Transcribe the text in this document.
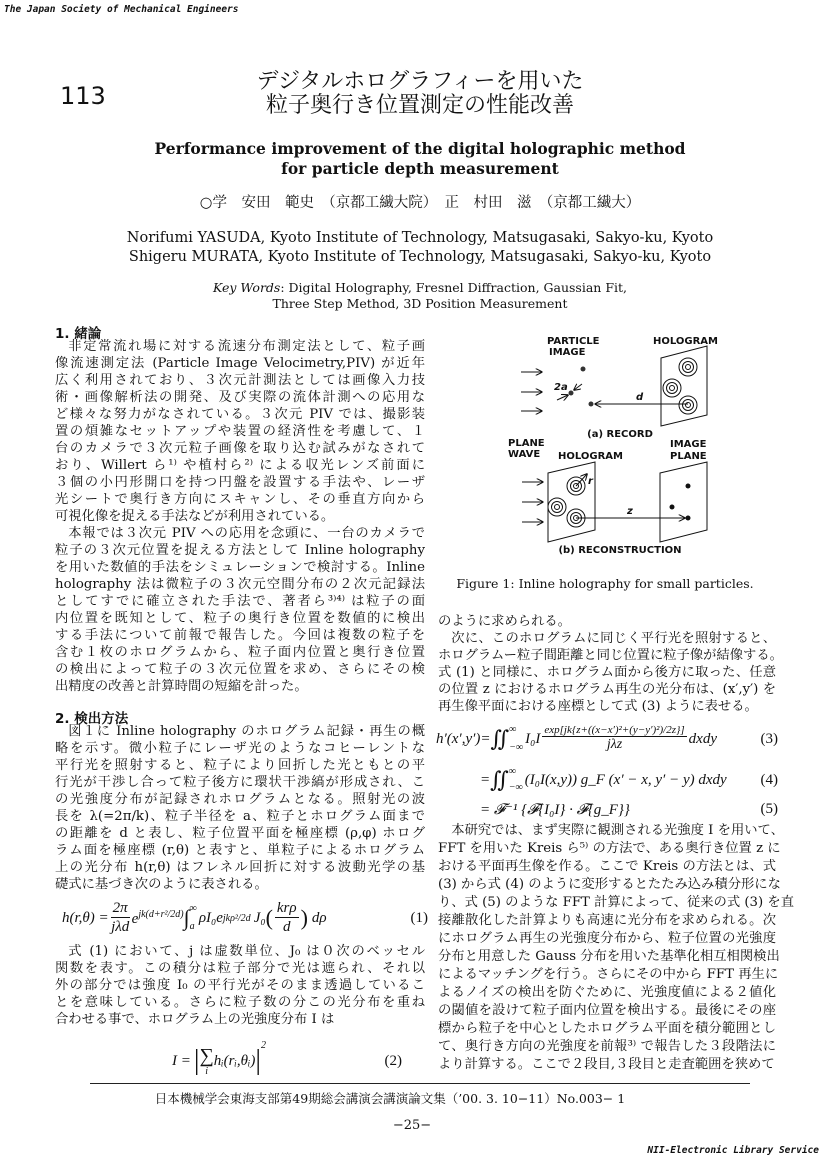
The Japan Society of Mechanical Engineers
113
デジタルホログラフィーを用いた
粒子奥行き位置測定の性能改善
Performance improvement of the digital holographic method
for particle depth measurement
○学　安田　範史　（京都工繊大院）　正　村田　滋　（京都工繊大）
Norifumi YASUDA, Kyoto Institute of Technology, Matsugasaki, Sakyo-ku, Kyoto
Shigeru MURATA, Kyoto Institute of Technology, Matsugasaki, Sakyo-ku, Kyoto
Key Words: Digital Holography, Fresnel Diffraction, Gaussian Fit,
Three Step Method, 3D Position Measurement
1. 緒論
非定常流れ場に対する流速分布測定法として、粒子画
像流速測定法 (Particle Image Velocimetry,PIV) が近年
広く利用されており、３次元計測法としては画像入力技
術・画像解析法の開発、及び実際の流体計測への応用な
ど様々な努力がなされている。３次元 PIV では、撮影装
置の煩雑なセットアップや装置の経済性を考慮して、１
台のカメラで３次元粒子画像を取り込む試みがなされて
おり、Willert ら¹⁾ や植村ら²⁾ による収光レンズ前面に
３個の小円形開口を持つ円盤を設置する手法や、レーザ
光シートで奥行き方向にスキャンし、その垂直方向から
可視化像を捉える手法などが利用されている。
本報では３次元 PIV への応用を念頭に、一台のカメラで
粒子の３次元位置を捉える方法として Inline holography
を用いた数値的手法をシミュレーションで検討する。Inline
holography 法は微粒子の３次元空間分布の２次元記録法
としてすでに確立された手法で、著者ら³⁾⁴⁾ は粒子の面
内位置を既知として、粒子の奥行き位置を数値的に検出
する手法について前報で報告した。今回は複数の粒子を
含む１枚のホログラムから、粒子面内位置と奥行き位置
の検出によって粒子の３次元位置を求め、さらにその検
出精度の改善と計算時間の短縮を計った。
2. 検出方法
図１に Inline holography のホログラム記録・再生の概
略を示す。微小粒子にレーザ光のようなコヒーレントな
平行光を照射すると、粒子により回折した光ともとの平
行光が干渉し合って粒子後方に環状干渉縞が形成され、こ
の光強度分布が記録されホログラムとなる。照射光の波
長を λ(=2π/k)、粒子半径を a、粒子とホログラム面まで
の距離を d と表し、粒子位置平面を極座標 (ρ,φ) ホログ
ラム面を極座標 (r,θ) と表すと、単粒子によるホログラム
上の光分布 h(r,θ) はフレネル回折に対する波動光学の基
礎式に基づき次のように表される。
$h(r,\theta) = \frac{2\pi}{\text{jλd}} e^{jk(d+r^2/2d)}$ ∫ ∞
a
ρI₀e jkρ²/2d J₀ ( $\frac{\text{krρ}}{d}$ ) dρ	(1)
式 (1) において、j は虚数単位、J₀ は０次のベッセル
関数を表す。この積分は粒子部分で光は遮られ、それ以
外の部分では強度 I₀ の平行光がそのまま透過しているこ
とを意味している。さらに粒子数の分この光分布を重ね
合わせる事で、ホログラム上の光強度分布 I は
I = | ∑
i
hᵢ(rᵢ,θᵢ) $|^2$
(2)
PARTICLE
IMAGE
HOLOGRAM
2a
d
(a) RECORD
PLANE
WAVE HOLOGRAM
IMAGE
PLANE
r
z
(b) RECONSTRUCTION
Figure 1: Inline holography for small particles.
のように求められる。
次に、このホログラムに同じく平行光を照射すると、
ホログラムー粒子間距離と同じ位置に粒子像が結像する。
式 (1) と同様に、ホログラム面から後方に取った、任意
の位置 z におけるホログラム再生の光分布は、(x′,y′) を
再生像平面における座標として式 (3) ように表せる。
h′(x′,y′)= ∬ ∞
−∞
$I_0I \frac{\text{exp[jk\{z+((x−x′)²+(y−y′)²)/2z\}]}}{\text{jλz}}$ dxdy	(3)
= ∬ ∞
−∞ (I₀I(x,y)) g_F (x′ − x, y′ − y) dxdy	(4)
= 𝓕⁻¹ {𝓕{I₀I} · 𝓕{g_F}}	(5)
本研究では、まず実際に観測される光強度 I を用いて、
FFT を用いた Kreis ら⁵⁾ の方法で、ある奥行き位置 z に
おける平面再生像を作る。ここで Kreis の方法とは、式
(3) から式 (4) のように変形するとたたみ込み積分形にな
り、式 (5) のような FFT 計算によって、従来の式 (3) を直
接離散化した計算よりも高速に光分布を求められる。次
にホログラム再生の光強度分布から、粒子位置の光強度
分布と用意した Gauss 分布を用いた基準化相互相関検出
によるマッチングを行う。さらにその中から FFT 再生に
よるノイズの検出を防ぐために、光強度値による２値化
の閾値を設けて粒子面内位置を検出する。最後にその座
標から粒子を中心としたホログラム平面を積分範囲とし
て、奥行き方向の光強度を前報³⁾ で報告した３段階法に
より計算する。ここで２段目,３段目と走査範囲を狭めて
日本機械学会東海支部第49期総会講演会講演論文集（’00. 3. 10−11）No.003− 1
−25−
NII-Electronic Library Service
